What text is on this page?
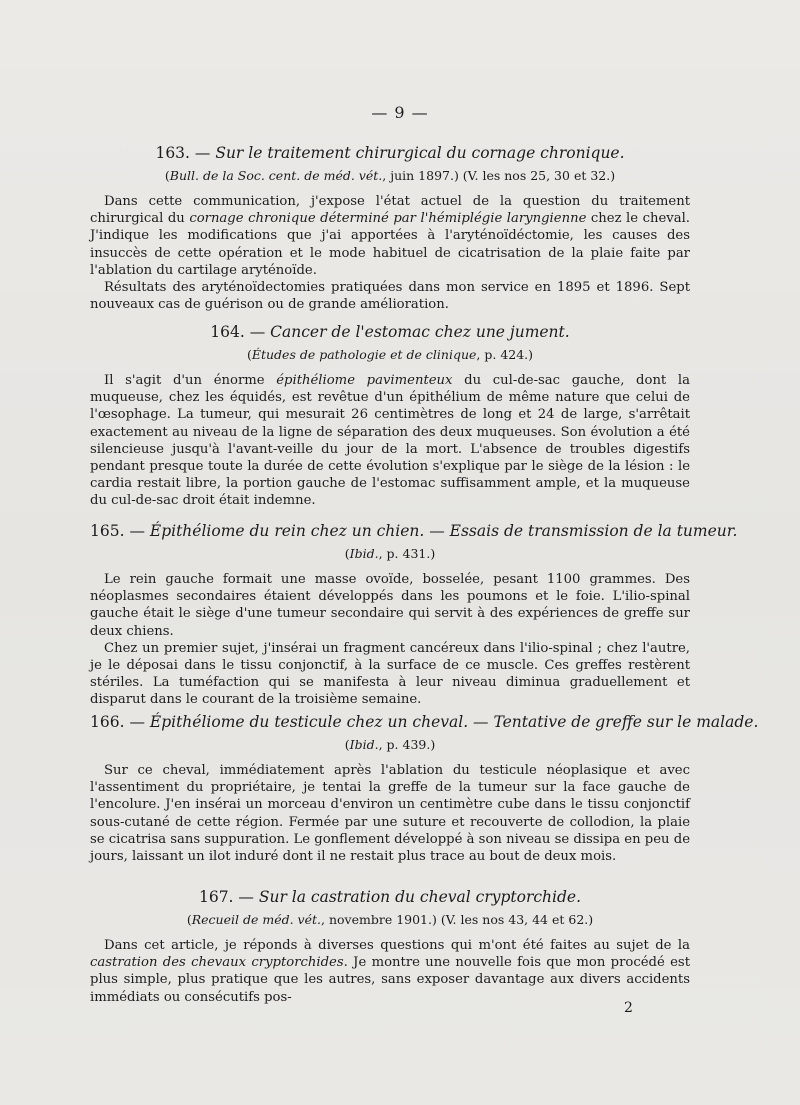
— 9 —
163. — Sur le traitement chirurgical du cornage chronique.
(Bull. de la Soc. cent. de méd. vét., juin 1897.) (V. les nos 25, 30 et 32.)

Dans cette communication, j'expose l'état actuel de la question du traitement chirurgical du cornage chronique déterminé par l'hémiplégie laryngienne chez le cheval. J'indique les modifications que j'ai apportées à l'aryténoïdéctomie, les causes des insuccès de cette opération et le mode habituel de cicatrisation de la plaie faite par l'ablation du cartilage aryténoïde.

Résultats des aryténoïdectomies pratiquées dans mon service en 1895 et 1896. Sept nouveaux cas de guérison ou de grande amélioration.

164. — Cancer de l'estomac chez une jument.
(Études de pathologie et de clinique, p. 424.)

Il s'agit d'un énorme épithéliome pavimenteux du cul-de-sac gauche, dont la muqueuse, chez les équidés, est revêtue d'un épithélium de même nature que celui de l'œsophage. La tumeur, qui mesurait 26 centimètres de long et 24 de large, s'arrêtait exactement au niveau de la ligne de séparation des deux muqueuses. Son évolution a été silencieuse jusqu'à l'avant-veille du jour de la mort. L'absence de troubles digestifs pendant presque toute la durée de cette évolution s'explique par le siège de la lésion : le cardia restait libre, la portion gauche de l'estomac suffisamment ample, et la muqueuse du cul-de-sac droit était indemne.

165. — Épithéliome du rein chez un chien. — Essais de transmission de la tumeur.
(Ibid., p. 431.)

Le rein gauche formait une masse ovoïde, bosselée, pesant 1100 grammes. Des néoplasmes secondaires étaient développés dans les poumons et le foie. L'ilio-spinal gauche était le siège d'une tumeur secondaire qui servit à des expériences de greffe sur deux chiens.

Chez un premier sujet, j'insérai un fragment cancéreux dans l'ilio-spinal ; chez l'autre, je le déposai dans le tissu conjonctif, à la surface de ce muscle. Ces greffes restèrent stériles. La tuméfaction qui se manifesta à leur niveau diminua graduellement et disparut dans le courant de la troisième semaine.

166. — Épithéliome du testicule chez un cheval. — Tentative de greffe sur le malade.
(Ibid., p. 439.)

Sur ce cheval, immédiatement après l'ablation du testicule néoplasique et avec l'assentiment du propriétaire, je tentai la greffe de la tumeur sur la face gauche de l'encolure. J'en insérai un morceau d'environ un centimètre cube dans le tissu conjonctif sous-cutané de cette région. Fermée par une suture et recouverte de collodion, la plaie se cicatrisa sans suppuration. Le gonflement développé à son niveau se dissipa en peu de jours, laissant un ilot induré dont il ne restait plus trace au bout de deux mois.

167. — Sur la castration du cheval cryptorchide.
(Recueil de méd. vét., novembre 1901.) (V. les nos 43, 44 et 62.)

Dans cet article, je réponds à diverses questions qui m'ont été faites au sujet de la castration des chevaux cryptorchides. Je montre une nouvelle fois que mon procédé est plus simple, plus pratique que les autres, sans exposer davantage aux divers accidents immédiats ou consécutifs pos-

2
